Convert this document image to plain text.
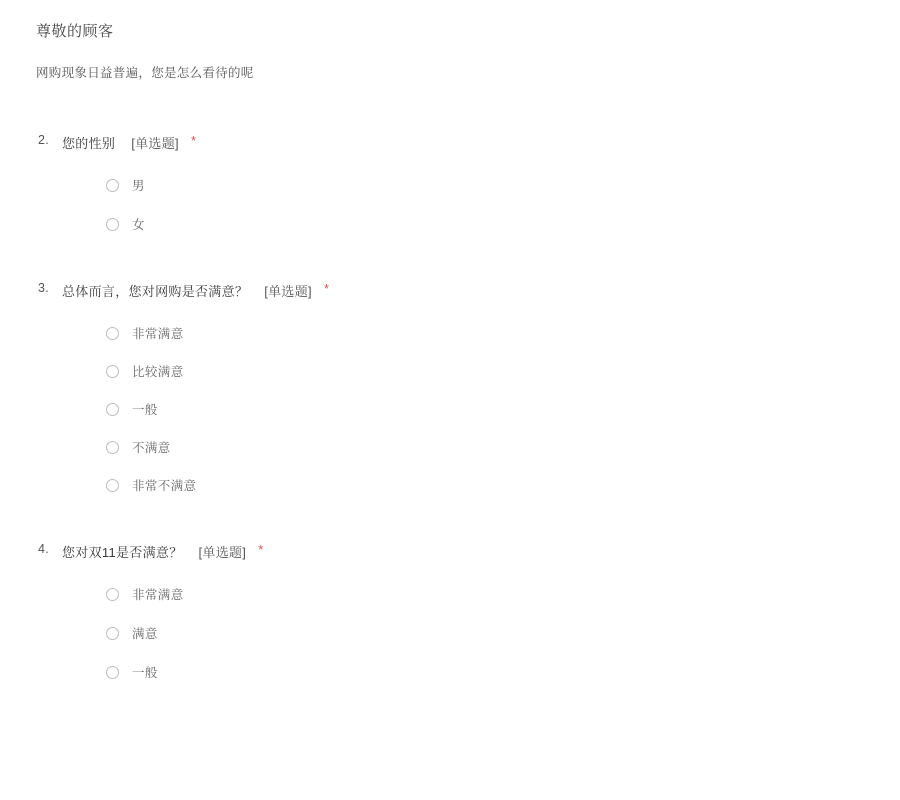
尊敬的顾客
网购现象日益普遍，您是怎么看待的呢
2. 您的性别 [单选题] *
男
女
3. 总体而言，您对网购是否满意？ [单选题] *
非常满意
比较满意
一般
不满意
非常不满意
4. 您对双11是否满意？ [单选题] *
非常满意
满意
一般
